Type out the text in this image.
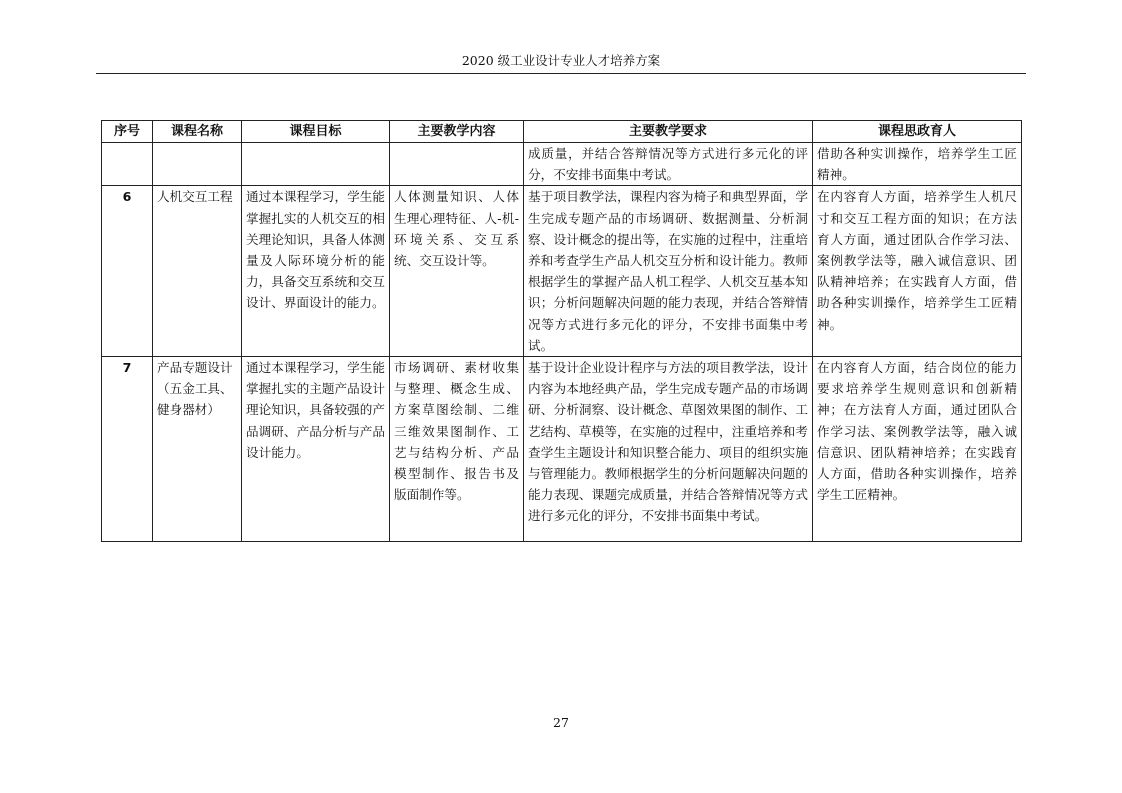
2020 级工业设计专业人才培养方案
序号	课程名称	课程目标	主要教学内容	主要教学要求	课程思政育人
				成质量，并结合答辩情况等方式进行多元化的评分，不安排书面集中考试。	借助各种实训操作，培养学生工匠精神。
6	人机交互工程	通过本课程学习，学生能掌握扎实的人机交互的相关理论知识，具备人体测量及人际环境分析的能力，具备交互系统和交互设计、界面设计的能力。	人体测量知识、人体生理心理特征、人-机-环境关系、交互系统、交互设计等。	基于项目教学法，课程内容为椅子和典型界面，学生完成专题产品的市场调研、数据测量、分析洞察、设计概念的提出等，在实施的过程中，注重培养和考查学生产品人机交互分析和设计能力。教师根据学生的掌握产品人机工程学、人机交互基本知识；分析问题解决问题的能力表现，并结合答辩情况等方式进行多元化的评分，不安排书面集中考试。	在内容育人方面，培养学生人机尺寸和交互工程方面的知识；在方法育人方面，通过团队合作学习法、案例教学法等，融入诚信意识、团队精神培养；在实践育人方面，借助各种实训操作，培养学生工匠精神。
7	产品专题设计（五金工具、健身器材）	通过本课程学习，学生能掌握扎实的主题产品设计理论知识，具备较强的产品调研、产品分析与产品设计能力。	市场调研、素材收集与整理、概念生成、方案草图绘制、二维三维效果图制作、工艺与结构分析、产品模型制作、报告书及版面制作等。	基于设计企业设计程序与方法的项目教学法，设计内容为本地经典产品，学生完成专题产品的市场调研、分析洞察、设计概念、草图效果图的制作、工艺结构、草模等，在实施的过程中，注重培养和考查学生主题设计和知识整合能力、项目的组织实施与管理能力。教师根据学生的分析问题解决问题的能力表现、课题完成质量，并结合答辩情况等方式进行多元化的评分，不安排书面集中考试。	在内容育人方面，结合岗位的能力要求培养学生规则意识和创新精神；在方法育人方面，通过团队合作学习法、案例教学法等，融入诚信意识、团队精神培养；在实践育人方面，借助各种实训操作，培养学生工匠精神。
27
